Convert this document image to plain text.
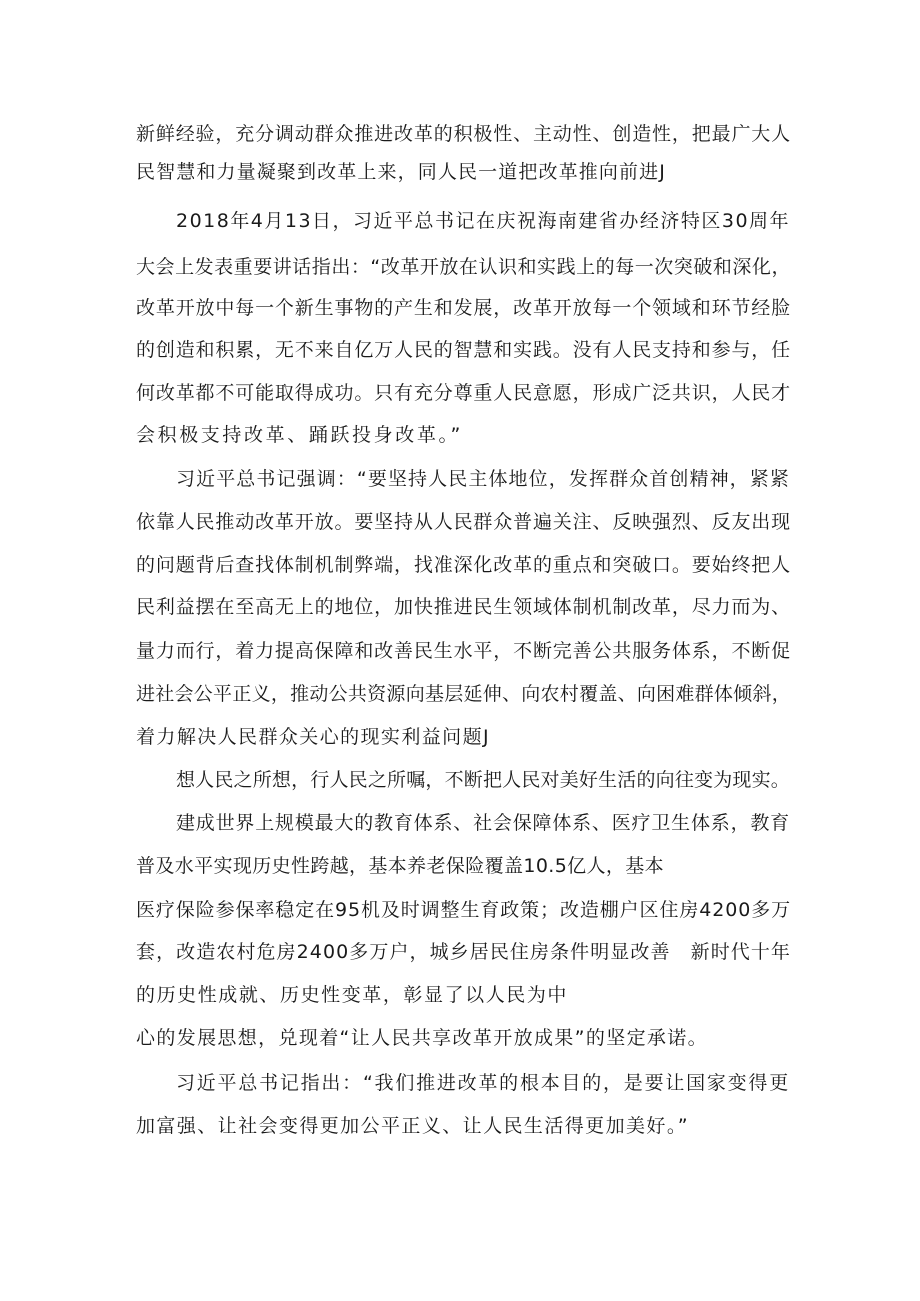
新鲜经验，充分调动群众推进改革的积极性、主动性、创造性，把最广大人

民智慧和力量凝聚到改革上来，同人民一道把改革推向前进J

2018年4月13日，习近平总书记在庆祝海南建省办经济特区30周年

大会上发表重要讲话指出：“改革开放在认识和实践上的每一次突破和深化，

改革开放中每一个新生事物的产生和发展，改革开放每一个领域和环节经脸

的创造和积累，无不来自亿万人民的智慧和实践。没有人民支持和参与，任

何改革都不可能取得成功。只有充分尊重人民意愿，形成广泛共识，人民才

会积极支持改革、踊跃投身改革。”

习近平总书记强调：“要坚持人民主体地位，发挥群众首创精神，紧紧

依靠人民推动改革开放。要坚持从人民群众普遍关注、反映强烈、反友出现

的问题背后查找体制机制弊端，找准深化改革的重点和突破口。要始终把人

民利益摆在至高无上的地位，加快推进民生领域体制机制改革，尽力而为、

量力而行，着力提高保障和改善民生水平，不断完善公共服务体系，不断促

进社会公平正义，推动公共资源向基层延伸、向农村覆盖、向困难群体倾斜，

着力解决人民群众关心的现实利益问题J

想人民之所想，行人民之所嘱，不断把人民对美好生活的向往变为现实。

建成世界上规模最大的教育体系、社会保障体系、医疗卫生体系，教育

普及水平实现历史性跨越，基本养老保险覆盖10.5亿人，基本

医疗保险参保率稳定在95机及时调整生育政策；改造棚户区住房4200多万

套，改造农村危房2400多万户，城乡居民住房条件明显改善　新时代十年

的历史性成就、历史性变革，彰显了以人民为中

心的发展思想，兑现着“让人民共享改革开放成果”的坚定承诺。

习近平总书记指出：“我们推进改革的根本目的，是要让国家变得更

加富强、让社会变得更加公平正义、让人民生活得更加美好。”
